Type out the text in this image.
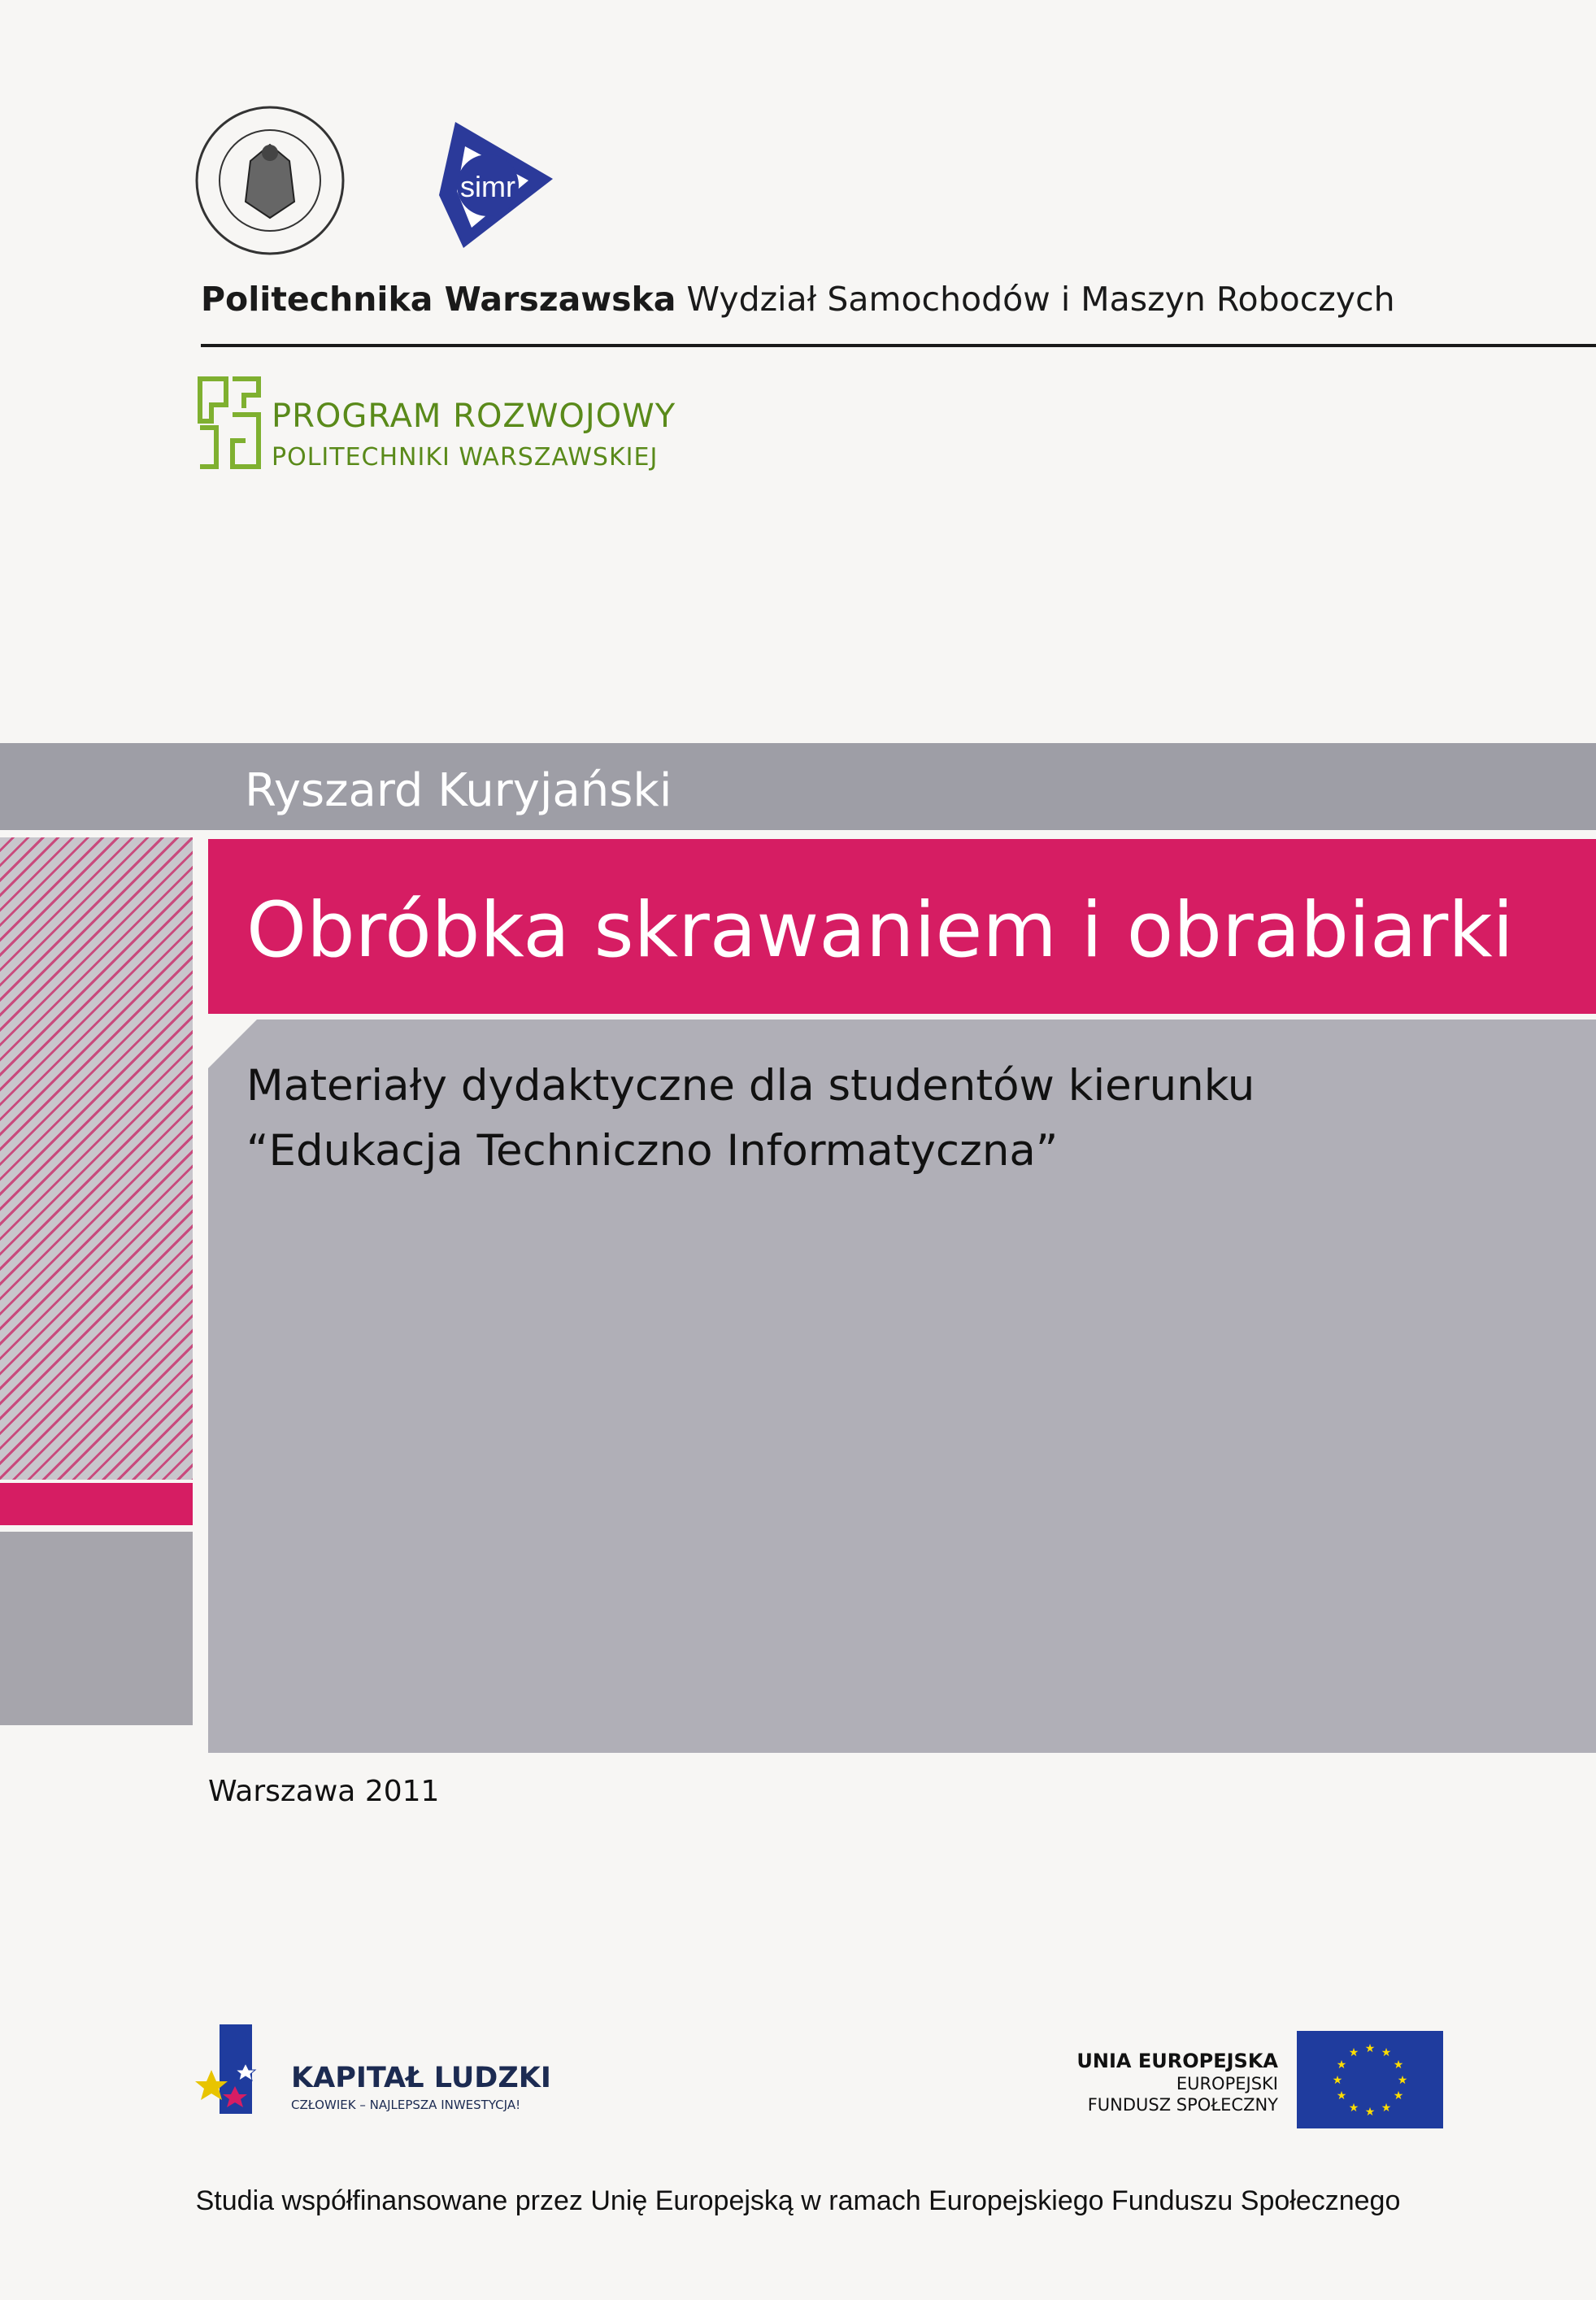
simr
Politechnika Warszawska Wydział Samochodów i Maszyn Roboczych
PROGRAM ROZWOJOWY
POLITECHNIKI WARSZAWSKIEJ
Ryszard Kuryjański
Obróbka skrawaniem i obrabiarki
Materiały dydaktyczne dla studentów kierunku
“Edukacja Techniczno Informatyczna”
Warszawa 2011
KAPITAŁ LUDZKI
CZŁOWIEK – NAJLEPSZA INWESTYCJA!
UNIA EUROPEJSKA
EUROPEJSKI
FUNDUSZ SPOŁECZNY
★ ★
★
★
★
★
★
★
★
★
★
★
Studia współfinansowane przez Unię Europejską w ramach Europejskiego Funduszu Społecznego
